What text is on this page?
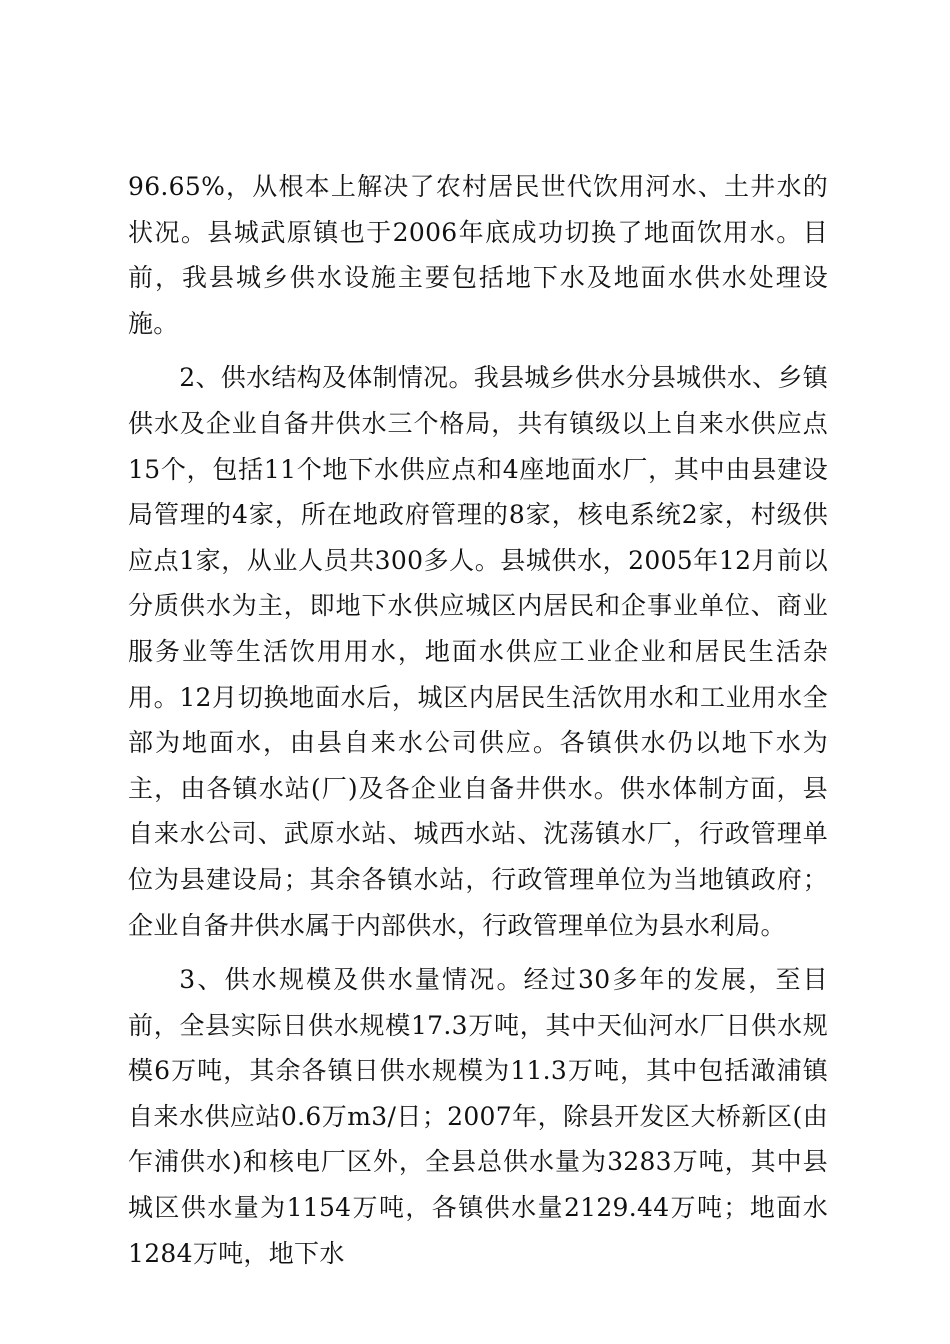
96.65%，从根本上解决了农村居民世代饮用河水、土井水的状况。县城武原镇也于2006年底成功切换了地面饮用水。目前，我县城乡供水设施主要包括地下水及地面水供水处理设施。

2、供水结构及体制情况。我县城乡供水分县城供水、乡镇供水及企业自备井供水三个格局，共有镇级以上自来水供应点15个，包括11个地下水供应点和4座地面水厂，其中由县建设局管理的4家，所在地政府管理的8家，核电系统2家，村级供应点1家，从业人员共300多人。县城供水，2005年12月前以分质供水为主，即地下水供应城区内居民和企事业单位、商业服务业等生活饮用用水，地面水供应工业企业和居民生活杂用。12月切换地面水后，城区内居民生活饮用水和工业用水全部为地面水，由县自来水公司供应。各镇供水仍以地下水为主，由各镇水站(厂)及各企业自备井供水。供水体制方面，县自来水公司、武原水站、城西水站、沈荡镇水厂，行政管理单位为县建设局；其余各镇水站，行政管理单位为当地镇政府；企业自备井供水属于内部供水，行政管理单位为县水利局。

3、供水规模及供水量情况。经过30多年的发展，至目前，全县实际日供水规模17.3万吨，其中天仙河水厂日供水规模6万吨，其余各镇日供水规模为11.3万吨，其中包括澉浦镇自来水供应站0.6万m3/日；2007年，除县开发区大桥新区(由乍浦供水)和核电厂区外，全县总供水量为3283万吨，其中县城区供水量为1154万吨，各镇供水量2129.44万吨；地面水1284万吨，地下水
